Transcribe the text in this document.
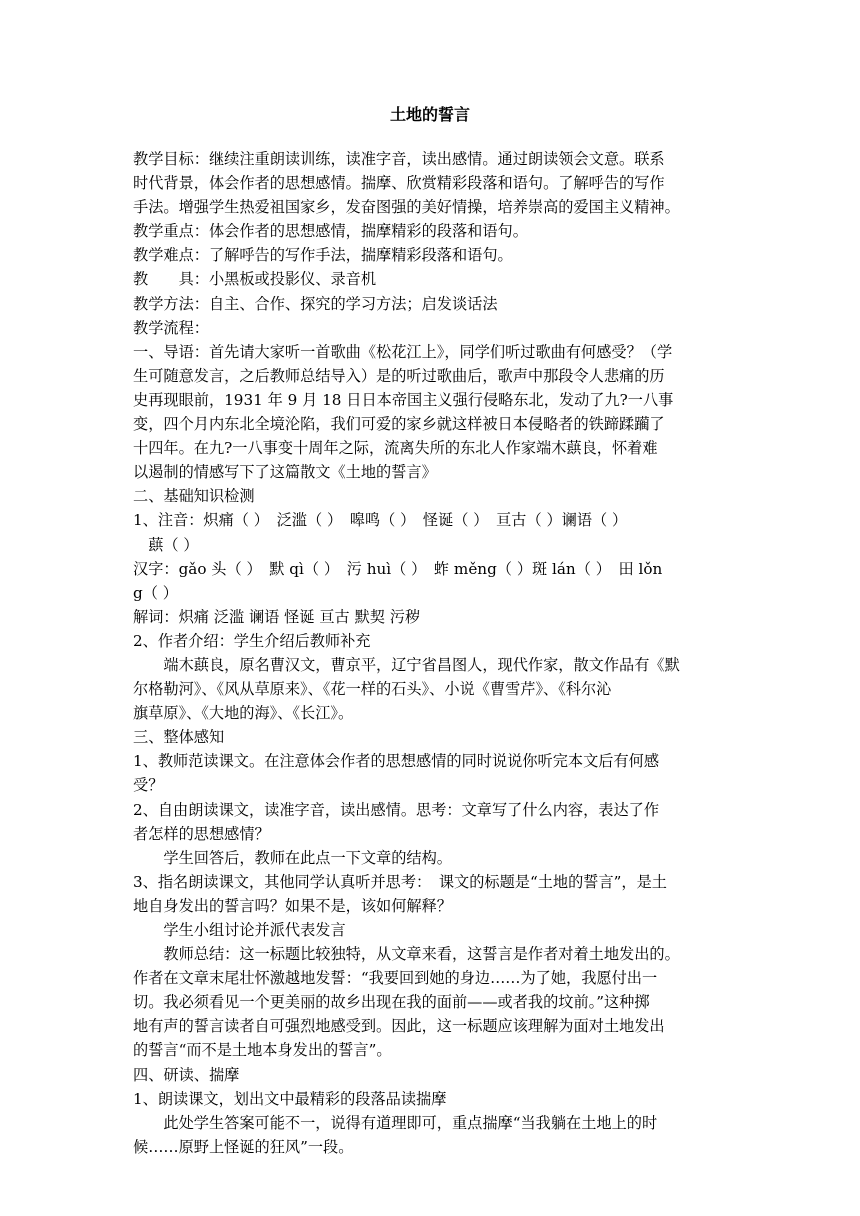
土地的誓言
教学目标：继续注重朗读训练，读准字音，读出感情。通过朗读领会文意。联系
时代背景，体会作者的思想感情。揣摩、欣赏精彩段落和语句。了解呼告的写作
手法。增强学生热爱祖国家乡，发奋图强的美好情操，培养崇高的爱国主义精神。
教学重点：体会作者的思想感情，揣摩精彩的段落和语句。
教学难点：了解呼告的写作手法，揣摩精彩段落和语句。
教　　具：小黑板或投影仪、录音机
教学方法：自主、合作、探究的学习方法；启发谈话法
教学流程：
一、导语：首先请大家听一首歌曲《松花江上》，同学们听过歌曲有何感受？（学
生可随意发言，之后教师总结导入）是的听过歌曲后，歌声中那段令人悲痛的历
史再现眼前，1931 年 9 月 18 日日本帝国主义强行侵略东北，发动了九?一八事
变，四个月内东北全境沦陷，我们可爱的家乡就这样被日本侵略者的铁蹄蹂躏了
十四年。在九?一八事变十周年之际，流离失所的东北人作家端木蕻良，怀着难
以遏制的情感写下了这篇散文《土地的誓言》
二、基础知识检测
1、注音：炽痛（ ）　泛滥（ ）　嗥鸣（ ）　怪诞（ ）　亘古（ ）谰语（ ）
　蕻（ ）
汉字：gǎo 头（ ）　默 qì（ ）　污 huì（ ）　蚱 měng（ ）斑 lán（ ）　田 lǒn
g（ ）
解词：炽痛 泛滥 谰语 怪诞 亘古 默契 污秽
2、作者介绍：学生介绍后教师补充
　　端木蕻良，原名曹汉文，曹京平，辽宁省昌图人，现代作家，散文作品有《默
尔格勒河》、《风从草原来》、《花一样的石头》、小说《曹雪芹》、《科尔沁
旗草原》、《大地的海》、《长江》。
三、整体感知
1、教师范读课文。在注意体会作者的思想感情的同时说说你听完本文后有何感
受？
2、自由朗读课文，读准字音，读出感情。思考：文章写了什么内容，表达了作
者怎样的思想感情？
　　学生回答后，教师在此点一下文章的结构。
3、指名朗读课文，其他同学认真听并思考：　课文的标题是“土地的誓言”，是土
地自身发出的誓言吗？如果不是，该如何解释？
　　学生小组讨论并派代表发言
　　教师总结：这一标题比较独特，从文章来看，这誓言是作者对着土地发出的。
作者在文章末尾壮怀激越地发誓：“我要回到她的身边……为了她，我愿付出一
切。我必须看见一个更美丽的故乡出现在我的面前——或者我的坟前。”这种掷
地有声的誓言读者自可强烈地感受到。因此，这一标题应该理解为面对土地发出
的誓言“而不是土地本身发出的誓言”。
四、研读、揣摩
1、朗读课文，划出文中最精彩的段落品读揣摩
　　此处学生答案可能不一，说得有道理即可，重点揣摩“当我躺在土地上的时
候……原野上怪诞的狂风”一段。
